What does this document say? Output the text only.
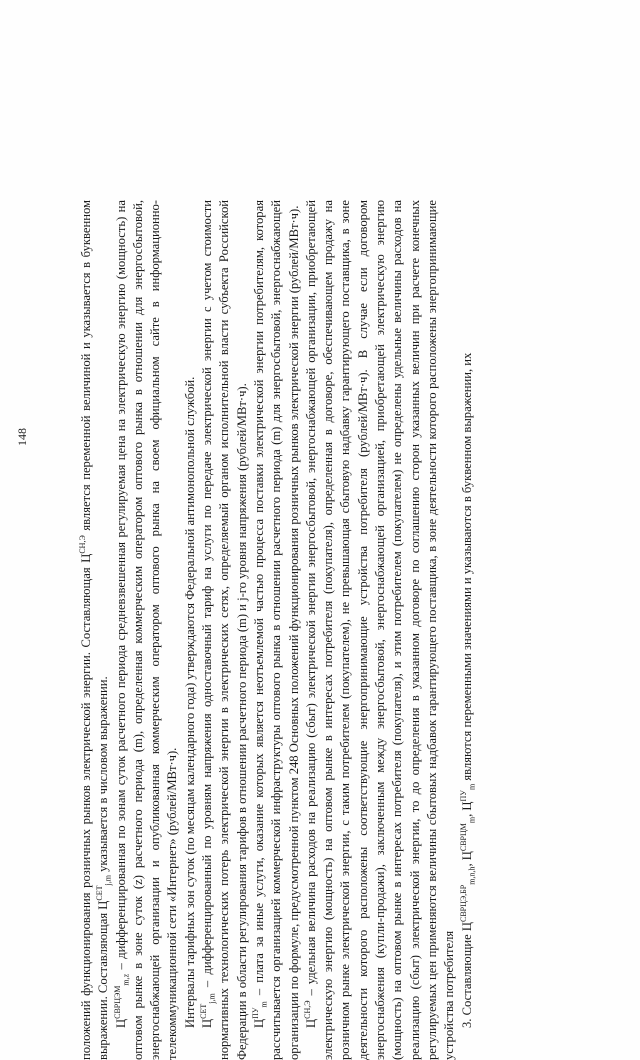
148

положений функционирования розничных рынков электрической энергии. Составляющая $Ц^{СН,Э}$ является переменной величиной и указывается в буквенном выражении. Составляющая $Ц^{СЕТ}_{j,m}$ указывается в числовом выражении.

$Ц^{СВРЦЭМ}_{m,z}$ – дифференцированная по зонам суток расчетного периода средневзвешенная регулируемая цена на электрическую энергию (мощность) на оптовом рынке в зоне суток (z) расчетного периода (m), определенная коммерческим оператором оптового рынка в отношении для энергосбытовой, энергоснабжающей организации и опубликованная коммерческим оператором оптового рынка на своем официальном сайте в информационно-телекоммуникационной сети «Интернет» (рублей/МВт·ч). Интервалы тарифных зон суток (по месяцам календарного года) утверждаются Федеральной антимонопольной службой. $Ц^{СЕТ}_{j,m}$ – дифференцированный по уровням напряжения одноставочный тариф на услуги по передаче электрической энергии с учетом стоимости нормативных технологических потерь электрической энергии в электрических сетях, определяемый органом исполнительной власти субъекта Российской Федерации в области регулирования тарифов в отношении расчетного периода (m) и j-го уровня напряжения (рублей/МВт·ч). $Ц^{ПУ}_m$ – плата за иные услуги, оказание которых является неотъемлемой частью процесса поставки электрической энергии потребителям, которая рассчитывается организацией коммерческой инфраструктуры оптового рынка в отношении расчетного периода (m) для энергосбытовой, энергоснабжающей организации по формуле, предусмотренной пунктом 248 Основных положений функционирования розничных рынков электрической энергии (рублей/МВт·ч). $Ц^{СН,Э}$ – удельная величина расходов на реализацию (сбыт) электрической энергии энергосбытовой, энергоснабжающей организации, приобретающей электрическую энергию (мощность) на оптовом рынке в интересах потребителя (покупателя), определенная в договоре, обеспечивающем продажу на розничном рынке электрической энергии, с таким потребителем (покупателем), не превышающая сбытовую надбавку гарантирующего поставщика, в зоне деятельности которого расположены соответствующие энергопринимающие устройства потребителя (рублей/МВт·ч). В случае если договором энергоснабжения (купли-продажи), заключенным между энергосбытовой, энергоснабжающей организацией, приобретающей электрическую энергию (мощность) на оптовом рынке в интересах потребителя (покупателя), и этим потребителем (покупателем) не определены удельные величины расходов на реализацию (сбыт) электрической энергии, то до определения в указанном договоре по соглашению сторон указанных величин при расчете конечных регулируемых цен применяются величины сбытовых надбавок гарантирующего поставщика, в зоне деятельности которого расположены энергопринимающие устройства потребителя 3. Составляющие $Ц^{СВРЦЭ,БР}_{m,n,h}$, $Ц^{СВРЦМ}_m$, $Ц^{ПУ}_m$ являются переменными значениями и указываются в буквенном выражении, их
